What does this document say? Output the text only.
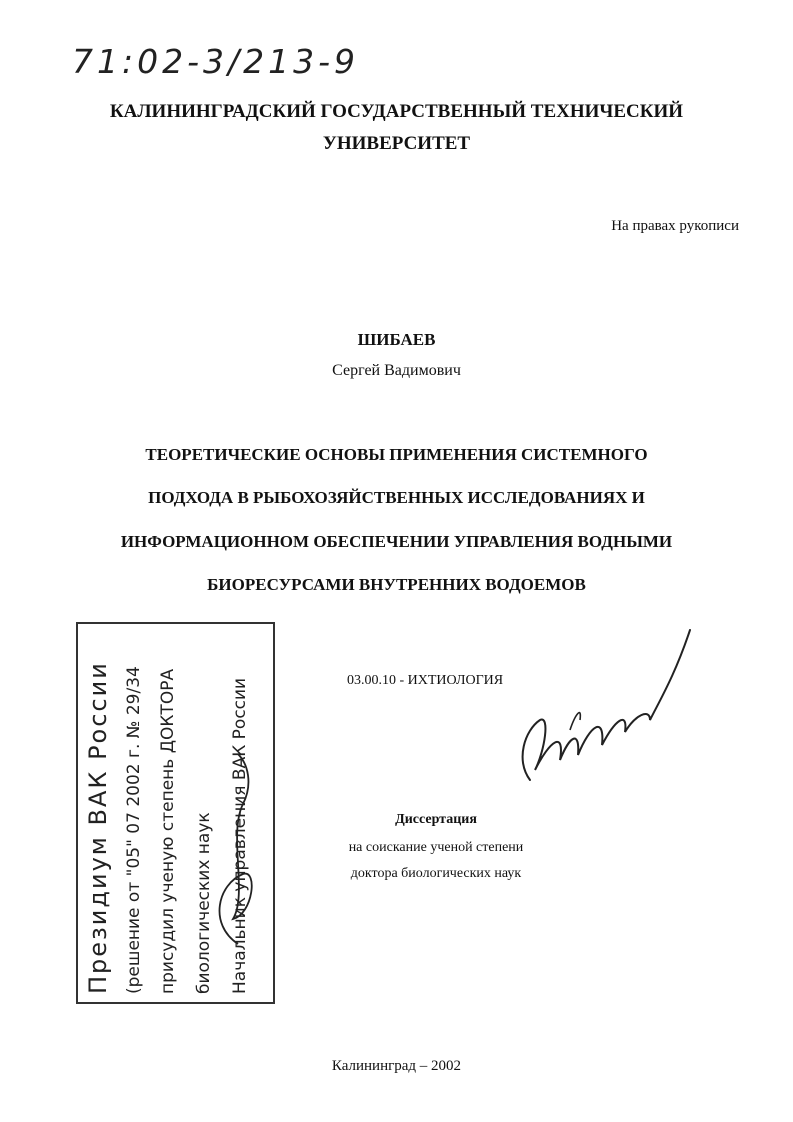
71:02-3/213-9
КАЛИНИНГРАДСКИЙ ГОСУДАРСТВЕННЫЙ ТЕХНИЧЕСКИЙ
УНИВЕРСИТЕТ
На правах рукописи
ШИБАЕВ
Сергей Вадимович
ТЕОРЕТИЧЕСКИЕ ОСНОВЫ ПРИМЕНЕНИЯ СИСТЕМНОГО
ПОДХОДА В РЫБОХОЗЯЙСТВЕННЫХ ИССЛЕДОВАНИЯХ И
ИНФОРМАЦИОННОМ ОБЕСПЕЧЕНИИ УПРАВЛЕНИЯ ВОДНЫМИ
БИОРЕСУРСАМИ ВНУТРЕННИХ ВОДОЕМОВ
03.00.10 - ИХТИОЛОГИЯ
Диссертация
на соискание ученой степени
доктора биологических наук
Президиум ВАК России (решение от "05" 07 2002 г. № 29/34 присудил ученую степень ДОКТОРА биологических наук Начальник управления ВАК России
Калининград – 2002
